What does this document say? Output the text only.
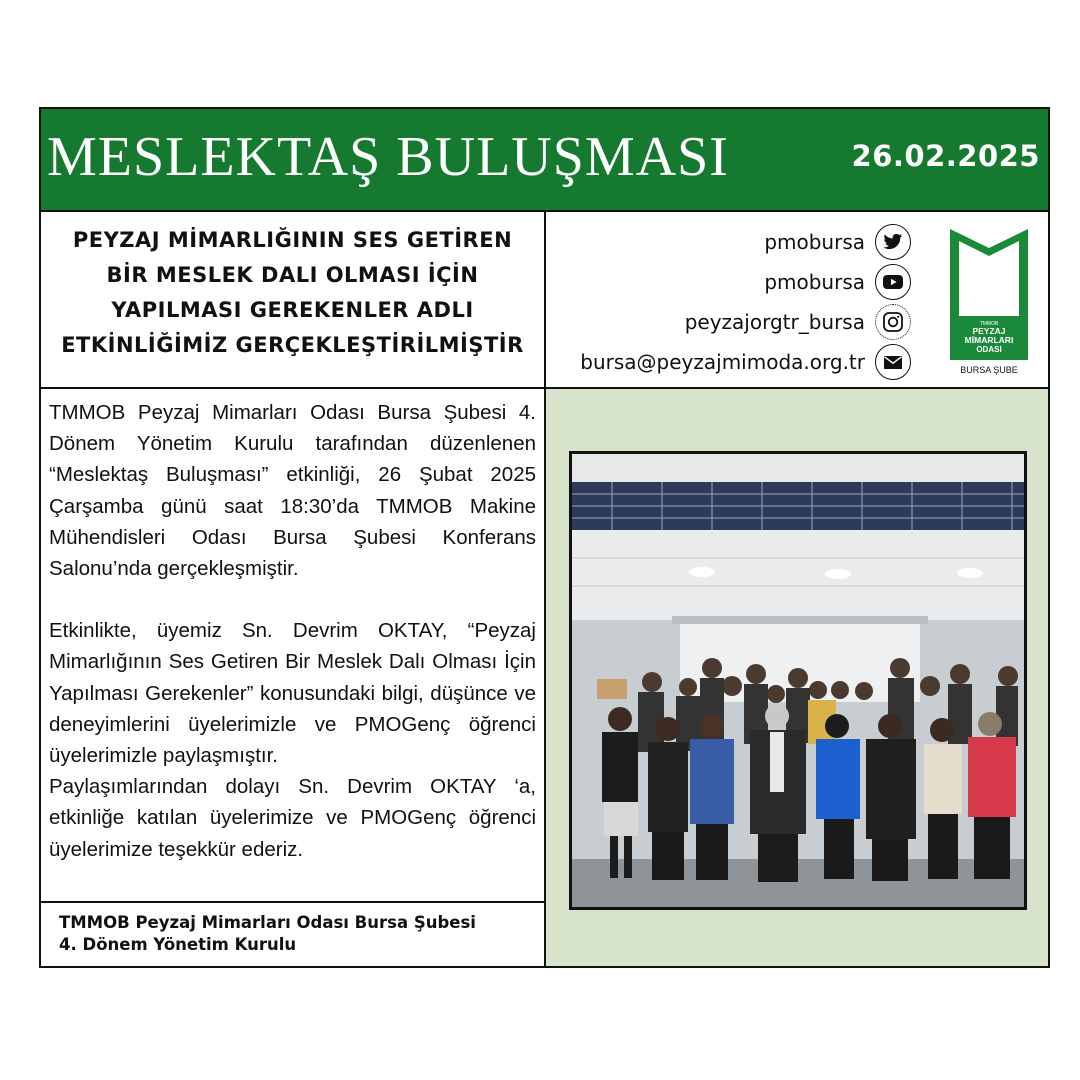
MESLEKTAŞ BULUŞMASI	26.02.2025
PEYZAJ MİMARLIĞININ SES GETİREN
BİR MESLEK DALI OLMASI İÇİN
YAPILMASI GEREKENLER ADLI
ETKİNLİĞİMİZ GERÇEKLEŞTİRİLMİŞTİR
pmobursa
pmobursa
peyzajorgtr_bursa
bursa@peyzajmimoda.org.tr
TMMOB
PEYZAJ
MİMARLARI
ODASI
BURSA ŞUBE

TMMOB Peyzaj Mimarları Odası Bursa Şubesi 4. Dönem Yönetim Kurulu tarafından düzenlenen “Meslektaş Buluşması” etkinliği, 26 Şubat 2025 Çarşamba günü saat 18:30’da TMMOB Makine Mühendisleri Odası Bursa Şubesi Konferans Salonu’nda gerçekleşmiştir.

Etkinlikte, üyemiz Sn. Devrim OKTAY, “Peyzaj Mimarlığının Ses Getiren Bir Meslek Dalı Olması İçin Yapılması Gerekenler” konusundaki bilgi, düşünce ve deneyimlerini üyelerimizle ve PMOGenç öğrenci üyelerimizle paylaşmıştır.

Paylaşımlarından dolayı Sn. Devrim OKTAY ‘a, etkinliğe katılan üyelerimize ve PMOGenç öğrenci üyelerimize teşekkür ederiz.

TMMOB Peyzaj Mimarları Odası Bursa Şubesi
4. Dönem Yönetim Kurulu
